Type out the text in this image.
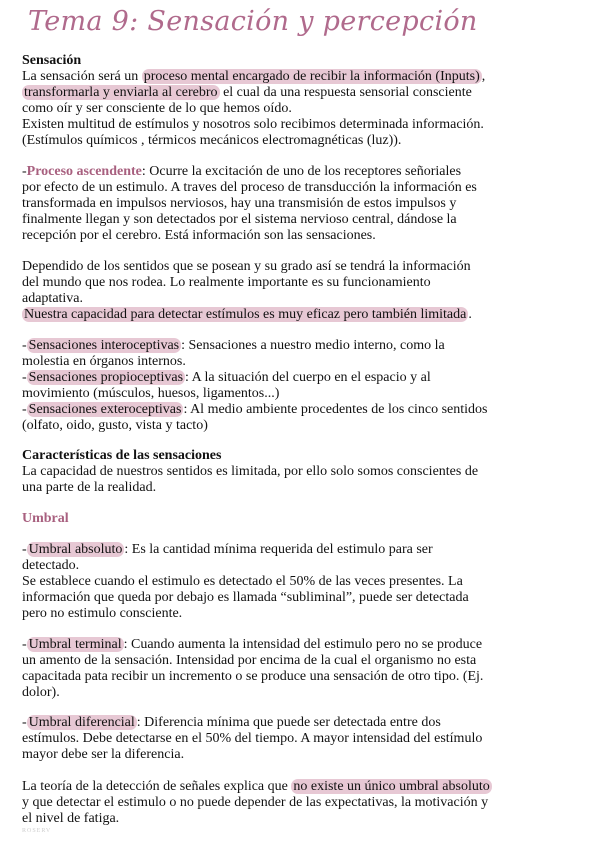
Tema 9: Sensación y percepción
Sensación
La sensación será un proceso mental encargado de recibir la información (Inputs) ,
transformarla y enviarla al cerebro el cual da una respuesta sensorial consciente
como oír y ser consciente de lo que hemos oído.
Existen multitud de estímulos y nosotros solo recibimos determinada información.
(Estímulos químicos , térmicos mecánicos electromagnéticas (luz)).
-Proceso ascendente: Ocurre la excitación de uno de los receptores señoriales
por efecto de un estimulo. A traves del proceso de transducción la información es
transformada en impulsos nerviosos, hay una transmisión de estos impulsos y
finalmente llegan y son detectados por el sistema nervioso central, dándose la
recepción por el cerebro. Está información son las sensaciones.
Dependido de los sentidos que se posean y su grado así se tendrá la información
del mundo que nos rodea. Lo realmente importante es su funcionamiento
adaptativa.
Nuestra capacidad para detectar estímulos es muy eficaz pero también limitada .
- Sensaciones interoceptivas : Sensaciones a nuestro medio interno, como la
molestia en órganos internos.
- Sensaciones propioceptivas : A la situación del cuerpo en el espacio y al
movimiento (músculos, huesos, ligamentos...)
- Sensaciones exteroceptivas : Al medio ambiente procedentes de los cinco sentidos
(olfato, oido, gusto, vista y tacto)
Características de las sensaciones
La capacidad de nuestros sentidos es limitada, por ello solo somos conscientes de
una parte de la realidad.
Umbral
- Umbral absoluto : Es la cantidad mínima requerida del estimulo para ser
detectado.
Se establece cuando el estimulo es detectado el 50% de las veces presentes. La
información que queda por debajo es llamada “subliminal”, puede ser detectada
pero no estimulo consciente.
- Umbral terminal : Cuando aumenta la intensidad del estimulo pero no se produce
un amento de la sensación. Intensidad por encima de la cual el organismo no esta
capacitada pata recibir un incremento o se produce una sensación de otro tipo. (Ej.
dolor).
- Umbral diferencial : Diferencia mínima que puede ser detectada entre dos
estímulos. Debe detectarse en el 50% del tiempo. A mayor intensidad del estímulo
mayor debe ser la diferencia.
La teoría de la detección de señales explica que no existe un único umbral absoluto
y que detectar el estimulo o no puede depender de las expectativas, la motivación y
el nivel de fatiga.
ROSERV
